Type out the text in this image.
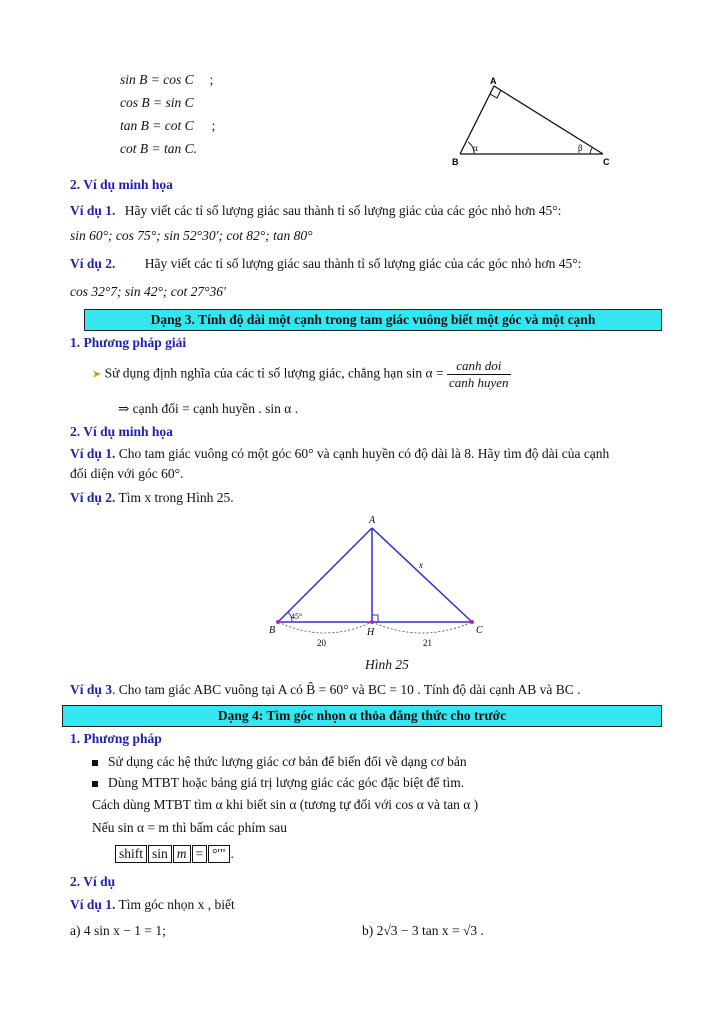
sin B = cos C ;
cos B = sin C
tan B = cot C ;
cot B = tan C.
A
B	C
α	β
2. Ví dụ minh họa
Ví dụ 1. Hãy viết các tỉ số lượng giác sau thành tỉ số lượng giác của các góc nhỏ hơn 45°:
sin 60°; cos 75°; sin 52°30'; cot 82°; tan 80°
Ví dụ 2. Hãy viết các tỉ số lượng giác sau thành tỉ số lượng giác của các góc nhỏ hơn 45°:
cos 32°7; sin 42°; cot 27°36'
Dạng 3. Tính độ dài một cạnh trong tam giác vuông biết một góc và một cạnh
1. Phương pháp giải
➤ Sử dụng định nghĩa của các tỉ số lượng giác, chẳng hạn $\sin \alpha = \frac{\text{canh doi}}{\text{canh huyen}}$
⇒ cạnh đối = cạnh huyền . sin α .
2. Ví dụ minh họa
Ví dụ 1. Cho tam giác vuông có một góc 60° và cạnh huyền có độ dài là 8. Hãy tìm độ dài của cạnh
đối diện với góc 60°.
Ví dụ 2. Tìm x trong Hình 25.
A
B	C
H
x
45°
20	21
Hình 25
Ví dụ 3. Cho tam giác ABC vuông tại A có B̂ = 60° và BC = 10 . Tính độ dài cạnh AB và BC .
Dạng 4: Tìm góc nhọn α thỏa đẳng thức cho trước
1. Phương pháp
Sử dụng các hệ thức lượng giác cơ bản để biến đổi về dạng cơ bản
Dùng MTBT hoặc bảng giá trị lượng giác các góc đặc biệt để tìm.
Cách dùng MTBT tìm α khi biết sin α (tương tự đối với cos α và tan α )
Nếu sin α = m thì bấm các phím sau
shift sin m = °'" .
2. Ví dụ
Ví dụ 1. Tìm góc nhọn x , biết
a) 4 sin x − 1 = 1;	b) 2√3 − 3 tan x = √3 .
